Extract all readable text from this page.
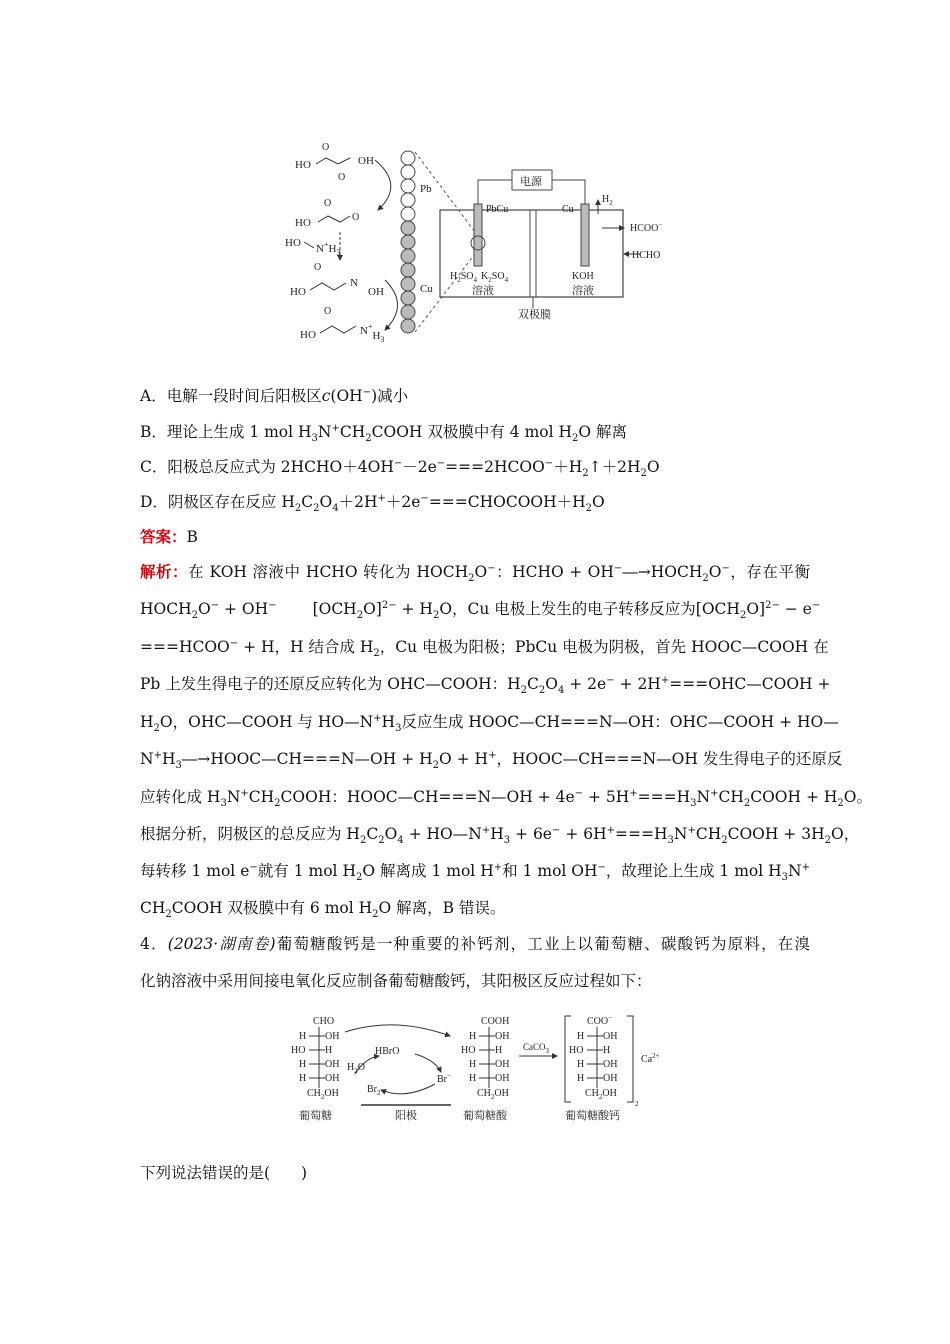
HO	OH
O
O
HO
O
O
HO $N^+H_3$
HO
O
N
OH
HO
O
$N^+H_3$
Pb
Cu
双极膜
电源
PbCu	Cu
$H_2$
HCOO−
HCHO
$H_2SO_4$ $K_2SO_4$
溶液
KOH
溶液
A．电解一段时间后阳极区c(OH−)减小
B．理论上生成 1 mol $H_3N^+CH_2COOH$ 双极膜中有 4 mol $H_2O$ 解离
C．阳极总反应式为 $2HCHO+4OH^--2e^-===2HCOO^-+H_2↑+2H_2O$
D．阴极区存在反应 $H_2C_2O_4+2H^++2e^-===CHOCOOH+H_2O$
答案：B
解析：在 KOH 溶液中 HCHO 转化为 $HOCH_2O^-$：HCHO + $OH^-―\to HOCH_2O^-$，存在平衡
$HOCH_2O^- + OH^-$ $[OCH_2O]^{2-} + H_2O$，Cu 电极上发生的电子转移反应为$[OCH_2O]^{2-} - e^-$
===HCOO− + H，H 结合成 $H_2$，Cu 电极为阳极；PbCu 电极为阴极，首先 HOOC—COOH 在
Pb 上发生得电子的还原反应转化为 OHC—COOH：$H_2C_2O_4 + 2e^-$ + 2H+===OHC—COOH +
$H_2O$，OHC—COOH 与 $HO—N^+H_3$反应生成 HOOC—CH===N—OH：OHC—COOH + HO—
$N^+H_3―\to HOOC—CH===N—OH + H_2O + H^+$，HOOC—CH===N—OH 发生得电子的还原反
应转化成 $H_3N^+CH_2COOH$：HOOC—CH===N—OH + $4e^- + 5H^+===H_3N^+CH_2COOH + H_2O$。
根据分析，阴极区的总反应为 $H_2C_2O_4$ + $HO—N^+H_3 + 6e^-$ + $6H^+===H_3N^+CH_2COOH + 3H_2O$，
每转移 1 mol e−就有 1 mol $H_2O$ 解离成 1 mol H+和 1 mol OH−，故理论上生成 1 mol $H_3N^+$
$CH_2COOH$ 双极膜中有 6 mol $H_2O$ 解离，B 错误。
4．(2023·湖南卷)葡萄糖酸钙是一种重要的补钙剂，工业上以葡萄糖、碳酸钙为原料，在溴
化钠溶液中采用间接电氧化反应制备葡萄糖酸钙，其阳极区反应过程如下：
CHO
H OH
HO H
H OH
H OH
$CH_2OH$
葡萄糖
HBrO
$H_2O$
$Br_2$
Br−
阳极
COOH
H OH
HO H
H OH
H OH
$CH_2OH$
葡萄糖酸
CaCO$_3$
COO−
H OH
HO H
H OH
H OH
$CH_2OH$
2
$Ca^{2+}$
葡萄糖酸钙
下列说法错误的是(　　)
